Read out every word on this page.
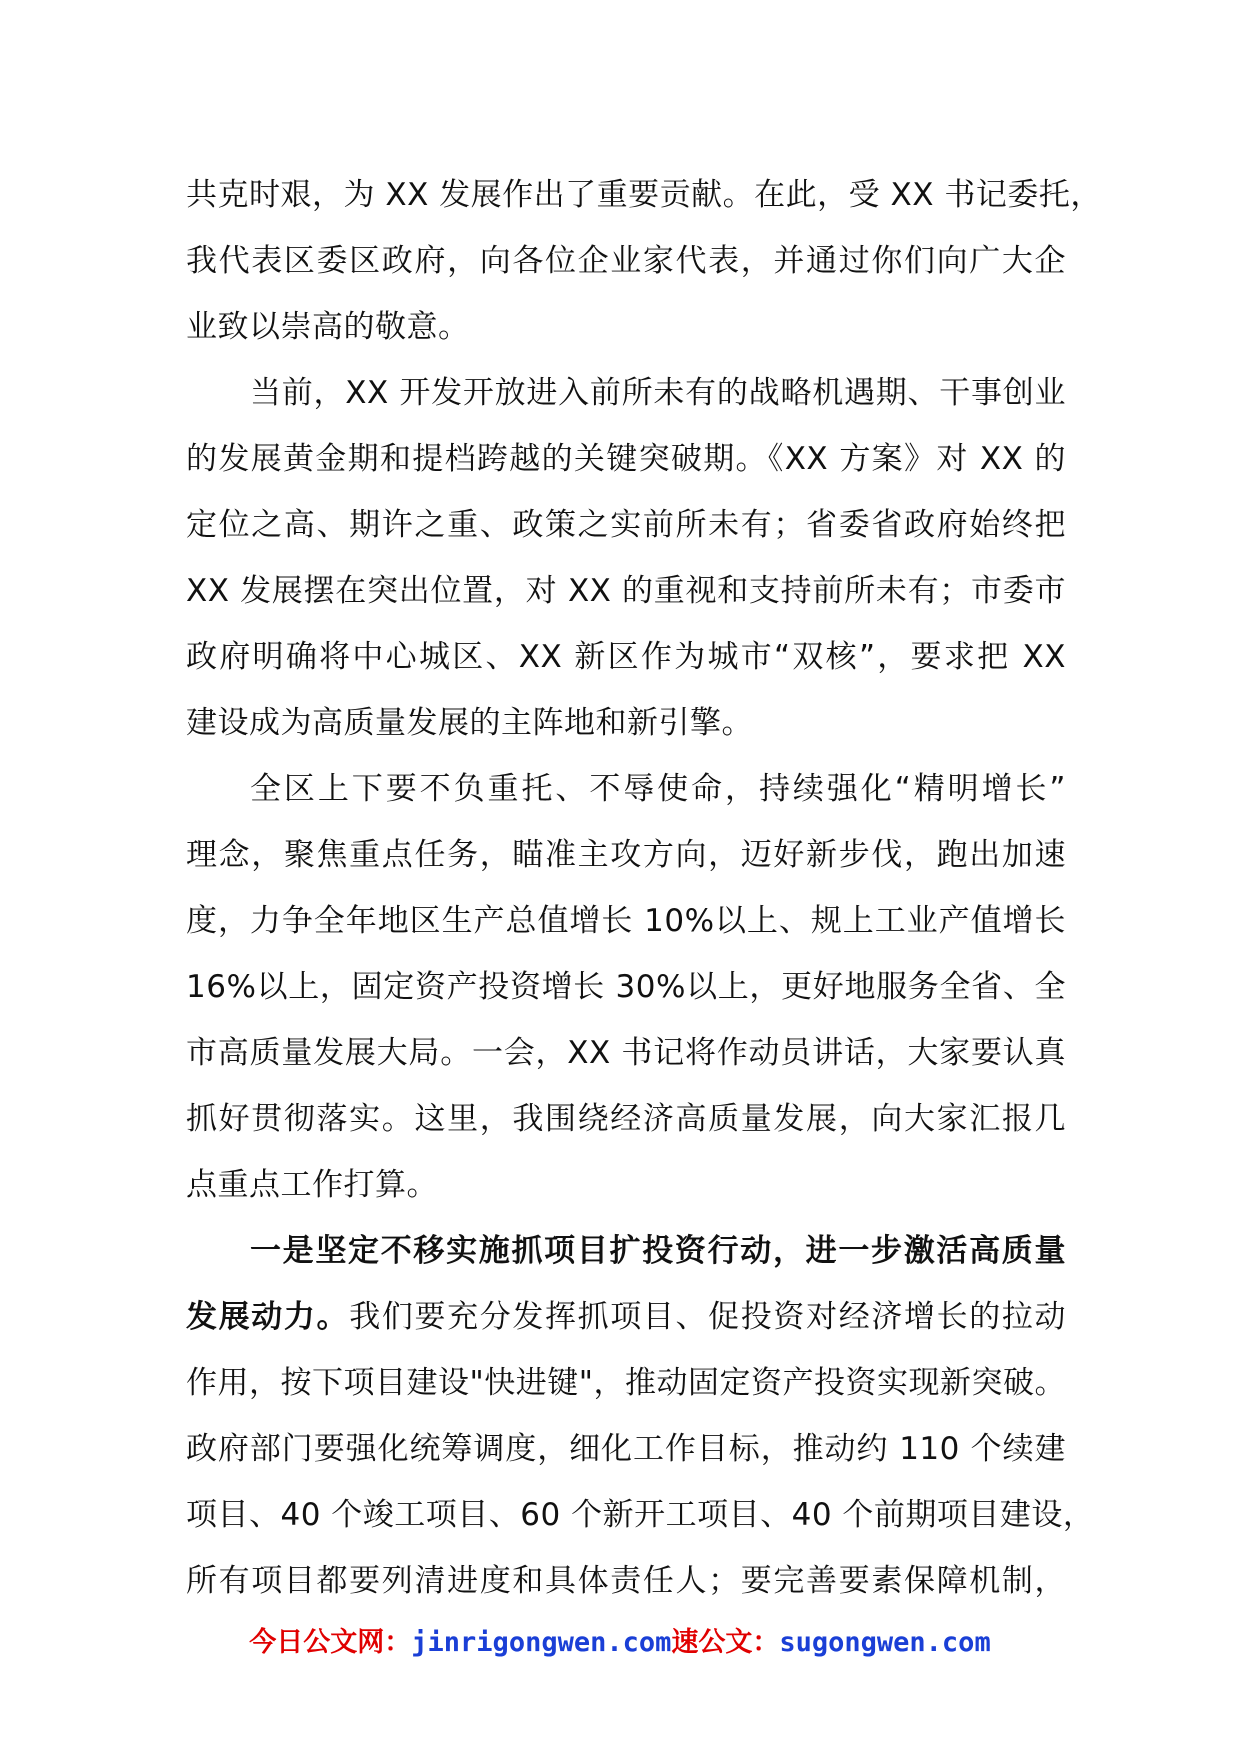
共克时艰，为 XX 发展作出了重要贡献。在此，受 XX 书记委托，
我代表区委区政府，向各位企业家代表，并通过你们向广大企
业致以崇高的敬意。
当前，XX 开发开放进入前所未有的战略机遇期、干事创业
的发展黄金期和提档跨越的关键突破期。《XX 方案》对 XX 的
定位之高、期许之重、政策之实前所未有；省委省政府始终把
XX 发展摆在突出位置，对 XX 的重视和支持前所未有；市委市
政府明确将中心城区、XX 新区作为城市“双核”，要求把 XX
建设成为高质量发展的主阵地和新引擎。
全区上下要不负重托、不辱使命，持续强化“精明增长”
理念，聚焦重点任务，瞄准主攻方向，迈好新步伐，跑出加速
度，力争全年地区生产总值增长 10%以上、规上工业产值增长
16%以上，固定资产投资增长 30%以上，更好地服务全省、全
市高质量发展大局。一会，XX 书记将作动员讲话，大家要认真
抓好贯彻落实。这里，我围绕经济高质量发展，向大家汇报几
点重点工作打算。
一是坚定不移实施抓项目扩投资行动，进一步激活高质量
发展动力。我们要充分发挥抓项目、促投资对经济增长的拉动
作用，按下项目建设"快进键"，推动固定资产投资实现新突破。
政府部门要强化统筹调度，细化工作目标，推动约 110 个续建
项目、40 个竣工项目、60 个新开工项目、40 个前期项目建设，
所有项目都要列清进度和具体责任人；要完善要素保障机制，
今日公文网：jinrigongwen.com速公文：sugongwen.com
